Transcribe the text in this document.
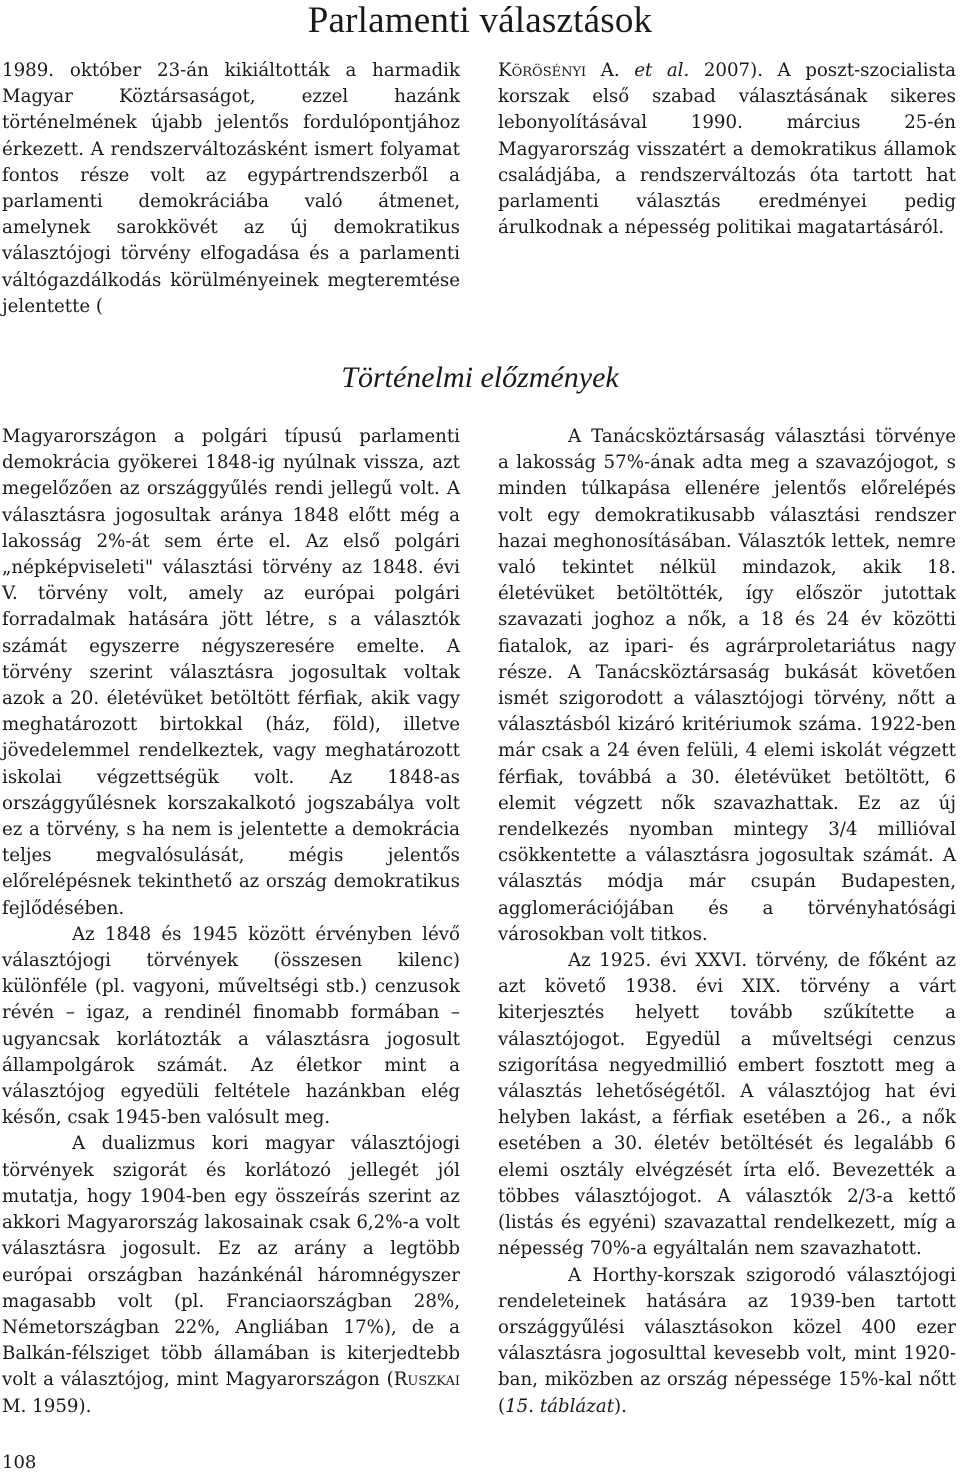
Parlamenti választások

1989. október 23-án kikiáltották a harmadik Magyar Köztársaságot, ezzel hazánk történelmének újabb jelentős fordulópontjához érkezett. A rendszerváltozásként ismert folyamat fontos része volt az egypártrendszerből a parlamenti demokráciába való átmenet, amelynek sarokkövét az új demokratikus választójogi törvény elfogadása és a parlamenti váltógazdálkodás körülményeinek megteremtése jelentette (

Körösényi A. et al. 2007). A poszt-szocialista korszak első szabad választásának sikeres lebonyolításával 1990. március 25-én Magyarország visszatért a demokratikus államok családjába, a rendszerváltozás óta tartott hat parlamenti választás eredményei pedig árulkodnak a népesség politikai magatartásáról.

Történelmi előzmények

Magyarországon a polgári típusú parlamenti demokrácia gyökerei 1848-ig nyúlnak vissza, azt megelőzően az országgyűlés rendi jellegű volt. A választásra jogosultak aránya 1848 előtt még a lakosság 2%-át sem érte el. Az első polgári „népképviseleti" választási törvény az 1848. évi V. törvény volt, amely az európai polgári forradalmak hatására jött létre, s a választók számát egyszerre négyszeresére emelte. A törvény szerint választásra jogosultak voltak azok a 20. életévüket betöltött férfiak, akik vagy meghatározott birtokkal (ház, föld), illetve jövedelemmel rendelkeztek, vagy meghatározott iskolai végzettségük volt. Az 1848-as országgyűlésnek korszakalkotó jogszabálya volt ez a törvény, s ha nem is jelentette a demokrácia teljes megvalósulását, mégis jelentős előrelépésnek tekinthető az ország demokratikus fejlődésében.

Az 1848 és 1945 között érvényben lévő választójogi törvények (összesen kilenc) különféle (pl. vagyoni, műveltségi stb.) cenzusok révén – igaz, a rendinél finomabb formában – ugyancsak korlátozták a választásra jogosult állampolgárok számát. Az életkor mint a választójog egyedüli feltétele hazánkban elég későn, csak 1945-ben valósult meg.

A dualizmus kori magyar választójogi törvények szigorát és korlátozó jellegét jól mutatja, hogy 1904-ben egy összeírás szerint az akkori Magyarország lakosainak csak 6,2%-a volt választásra jogosult. Ez az arány a legtöbb európai országban hazánkénál háromnégyszer magasabb volt (pl. Franciaországban 28%, Németországban 22%, Angliában 17%), de a Balkán-félsziget több államában is kiterjedtebb volt a választójog, mint Magyarországon (Ruszkai M. 1959).

A Tanácsköztársaság választási törvénye a lakosság 57%-ának adta meg a szavazójogot, s minden túlkapása ellenére jelentős előrelépés volt egy demokratikusabb választási rendszer hazai meghonosításában. Választók lettek, nemre való tekintet nélkül mindazok, akik 18. életévüket betöltötték, így először jutottak szavazati joghoz a nők, a 18 és 24 év közötti fiatalok, az ipari- és agrárproletariátus nagy része. A Tanácsköztársaság bukását követően ismét szigorodott a választójogi törvény, nőtt a választásból kizáró kritériumok száma. 1922-ben már csak a 24 éven felüli, 4 elemi iskolát végzett férfiak, továbbá a 30. életévüket betöltött, 6 elemit végzett nők szavazhattak. Ez az új rendelkezés nyomban mintegy 3/4 millióval csökkentette a választásra jogosultak számát. A választás módja már csupán Budapesten, agglomerációjában és a törvényhatósági városokban volt titkos.

Az 1925. évi XXVI. törvény, de főként az azt követő 1938. évi XIX. törvény a várt kiterjesztés helyett tovább szűkítette a választójogot. Egyedül a műveltségi cenzus szigorítása negyedmillió embert fosztott meg a választás lehetőségétől. A választójog hat évi helyben lakást, a férfiak esetében a 26., a nők esetében a 30. életév betöltését és legalább 6 elemi osztály elvégzését írta elő. Bevezették a többes választójogot. A választók 2/3-a kettő (listás és egyéni) szavazattal rendelkezett, míg a népesség 70%-a egyáltalán nem szavazhatott.

A Horthy-korszak szigorodó választójogi rendeleteinek hatására az 1939-ben tartott országgyűlési választásokon közel 400 ezer választásra jogosulttal kevesebb volt, mint 1920-ban, miközben az ország népessége 15%-kal nőtt (15. táblázat).

108
